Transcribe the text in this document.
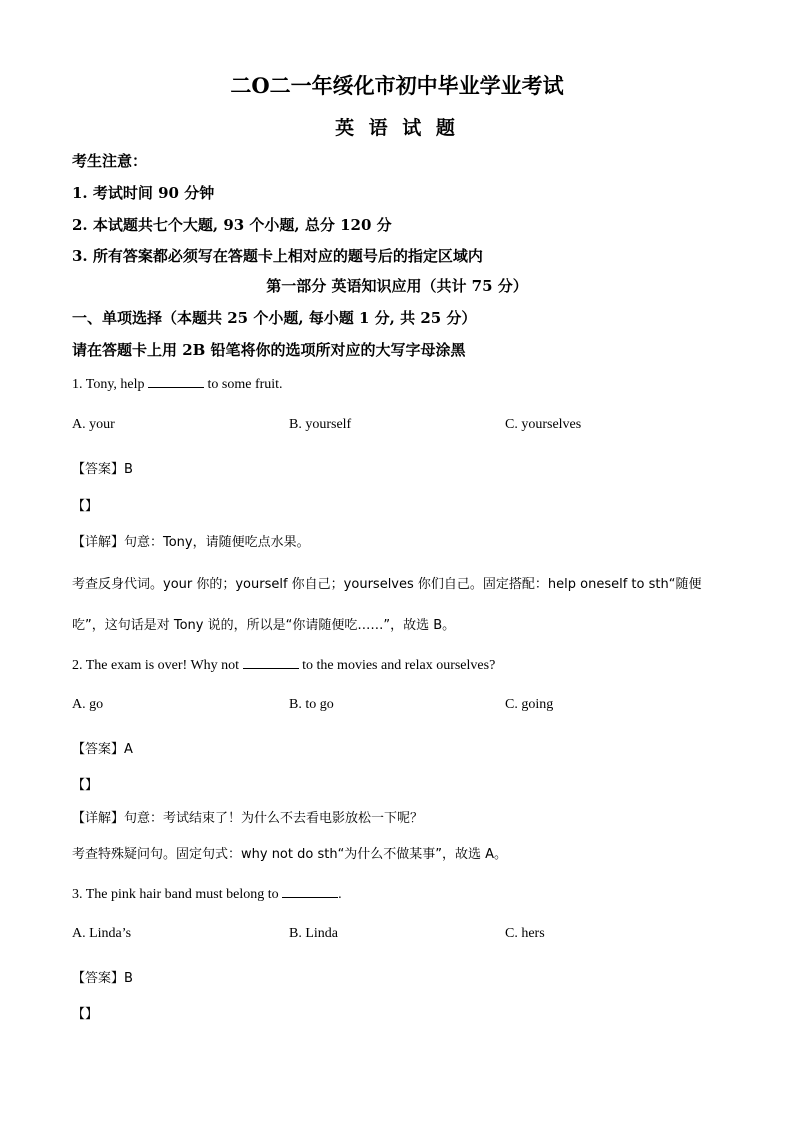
二O二一年绥化市初中毕业学业考试
英 语 试 题
考生注意：
1. 考试时间 90 分钟
2. 本试题共七个大题, 93 个小题, 总分 120 分
3. 所有答案都必须写在答题卡上相对应的题号后的指定区域内
第一部分 英语知识应用（共计 75 分）
一、单项选择（本题共 25 个小题, 每小题 1 分, 共 25 分）
请在答题卡上用 2B 铅笔将你的选项所对应的大写字母涂黑
1. Tony, help	to some fruit.
A. your	B. yourself	C. yourselves
【答案】B
【】
【详解】句意：Tony，请随便吃点水果。
考查反身代词。your 你的；yourself 你自己；yourselves 你们自己。固定搭配：help oneself to sth“随便
吃”，这句话是对 Tony 说的，所以是“你请随便吃……”，故选 B。
2. The exam is over! Why not	to the movies and relax ourselves?
A. go	B. to go	C. going
【答案】A
【】
【详解】句意：考试结束了！为什么不去看电影放松一下呢？
考查特殊疑问句。固定句式：why not do sth“为什么不做某事”，故选 A。
3. The pink hair band must belong to	.
A. Linda’s	B. Linda	C. hers
【答案】B
【】
